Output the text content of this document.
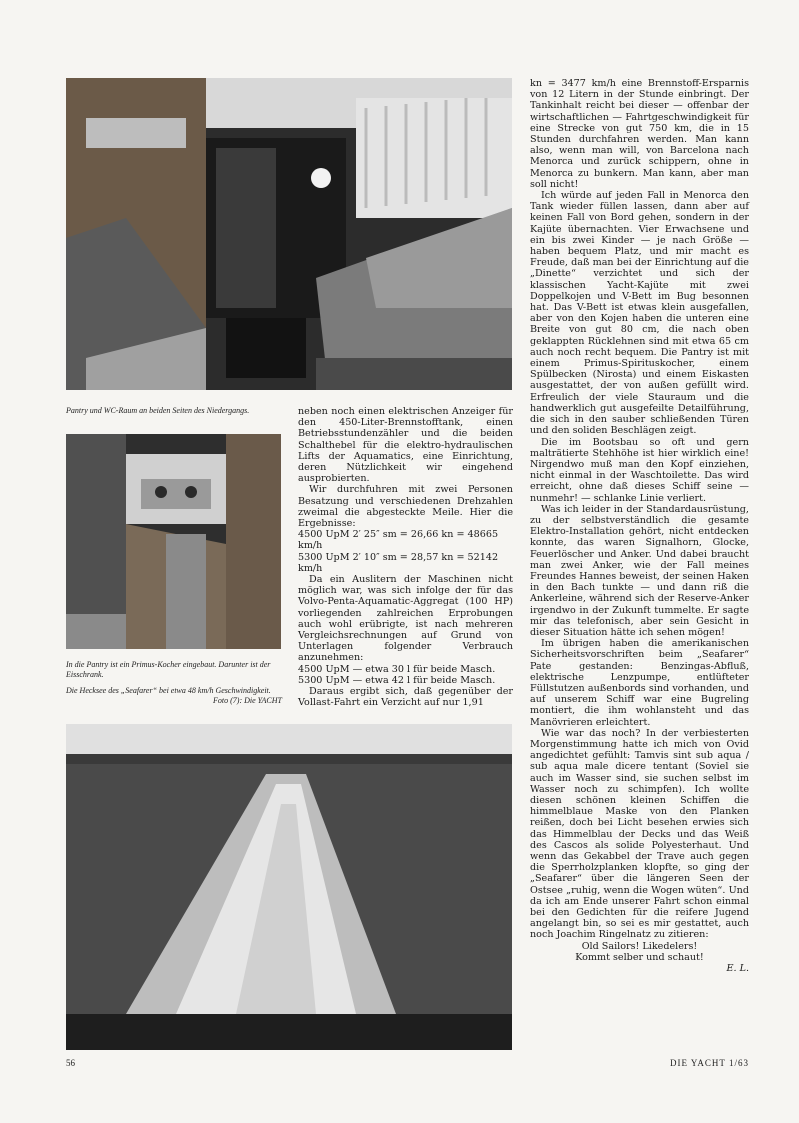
Pantry und WC-Raum an beiden Seiten des Niedergangs.
In die Pantry ist ein Primus-Kocher eingebaut. Darunter ist der Eisschrank.
Die Hecksee des „Seafarer“ bei etwa 48 km/h Geschwindigkeit.
Foto (7): Die YACHT

neben noch einen elektrischen Anzeiger für den 450-Liter-Brennstofftank, einen Betriebsstundenzähler und die beiden Schalthebel für die elektro-hydraulischen Lifts der Aquamatics, eine Einrichtung, deren Nützlichkeit wir eingehend ausprobierten.

Wir durchfuhren mit zwei Personen Besatzung und verschiedenen Drehzahlen zweimal die abgesteckte Meile. Hier die Ergebnisse:

4500 UpM 2′ 25″ sm = 26,66 kn = 48665 km/h

5300 UpM 2′ 10″ sm = 28,57 kn = 52142 km/h

Da ein Auslitern der Maschinen nicht möglich war, was sich infolge der für das Volvo-Penta-Aquamatic-Aggregat (100 HP) vorliegenden zahlreichen Erprobungen auch wohl erübrigte, ist nach mehreren Vergleichsrechnungen auf Grund von Unterlagen folgender Verbrauch anzunehmen:

4500 UpM — etwa 30 l für beide Masch.

5300 UpM — etwa 42 l für beide Masch.

Daraus ergibt sich, daß gegenüber der Vollast-Fahrt ein Verzicht auf nur 1,91

kn = 3477 km/h eine Brennstoff-Ersparnis von 12 Litern in der Stunde einbringt. Der Tankinhalt reicht bei dieser — offenbar der wirtschaftlichen — Fahrtgeschwindigkeit für eine Strecke von gut 750 km, die in 15 Stunden durchfahren werden. Man kann also, wenn man will, von Barcelona nach Menorca und zurück schippern, ohne in Menorca zu bunkern. Man kann, aber man soll nicht!

Ich würde auf jeden Fall in Menorca den Tank wieder füllen lassen, dann aber auf keinen Fall von Bord gehen, sondern in der Kajüte übernachten. Vier Erwachsene und ein bis zwei Kinder — je nach Größe — haben bequem Platz, und mir macht es Freude, daß man bei der Einrichtung auf die „Dinette“ verzichtet und sich der klassischen Yacht-Kajüte mit zwei Doppelkojen und V-Bett im Bug besonnen hat. Das V-Bett ist etwas klein ausgefallen, aber von den Kojen haben die unteren eine Breite von gut 80 cm, die nach oben geklappten Rücklehnen sind mit etwa 65 cm auch noch recht bequem. Die Pantry ist mit einem Primus-Spirituskocher, einem Spülbecken (Nirosta) und einem Eiskasten ausgestattet, der von außen gefüllt wird. Erfreulich der viele Stauraum und die handwerklich gut ausgefeilte Detailführung, die sich in den sauber schließenden Türen und den soliden Beschlägen zeigt.

Die im Bootsbau so oft und gern malträtierte Stehhöhe ist hier wirklich eine! Nirgendwo muß man den Kopf einziehen, nicht einmal in der Waschtoilette. Das wird erreicht, ohne daß dieses Schiff seine — nunmehr! — schlanke Linie verliert.

Was ich leider in der Standardausrüstung, zu der selbstverständlich die gesamte Elektro-Installation gehört, nicht entdecken konnte, das waren Signalhorn, Glocke, Feuerlöscher und Anker. Und dabei braucht man zwei Anker, wie der Fall meines Freundes Hannes beweist, der seinen Haken in den Bach tunkte — und dann riß die Ankerleine, während sich der Reserve-Anker irgendwo in der Zukunft tummelte. Er sagte mir das telefonisch, aber sein Gesicht in dieser Situation hätte ich sehen mögen!

Im übrigen haben die amerikanischen Sicherheitsvorschriften beim „Seafarer“ Pate gestanden: Benzingas-Abfluß, elektrische Lenzpumpe, entlüfteter Füllstutzen außenbords sind vorhanden, und auf unserem Schiff war eine Bugreling montiert, die ihm wohlansteht und das Manövrieren erleichtert.

Wie war das noch? In der verbiesterten Morgenstimmung hatte ich mich von Ovid angedichtet gefühlt: Tamvis sint sub aqua / sub aqua male dicere tentant (Soviel sie auch im Wasser sind, sie suchen selbst im Wasser noch zu schimpfen). Ich wollte diesen schönen kleinen Schiffen die himmelblaue Maske von den Planken reißen, doch bei Licht besehen erwies sich das Himmelblau der Decks und das Weiß des Cascos als solide Polyesterhaut. Und wenn das Gekabbel der Trave auch gegen die Sperrholzplanken klopfte, so ging der „Seafarer“ über die längeren Seen der Ostsee „ruhig, wenn die Wogen wüten“. Und da ich am Ende unserer Fahrt schon einmal bei den Gedichten für die reifere Jugend angelangt bin, so sei es mir gestattet, auch noch Joachim Ringelnatz zu zitieren:

Old Sailors! Likedelers!

Kommt selber und schaut!

E. L.

56	DIE YACHT 1/63
